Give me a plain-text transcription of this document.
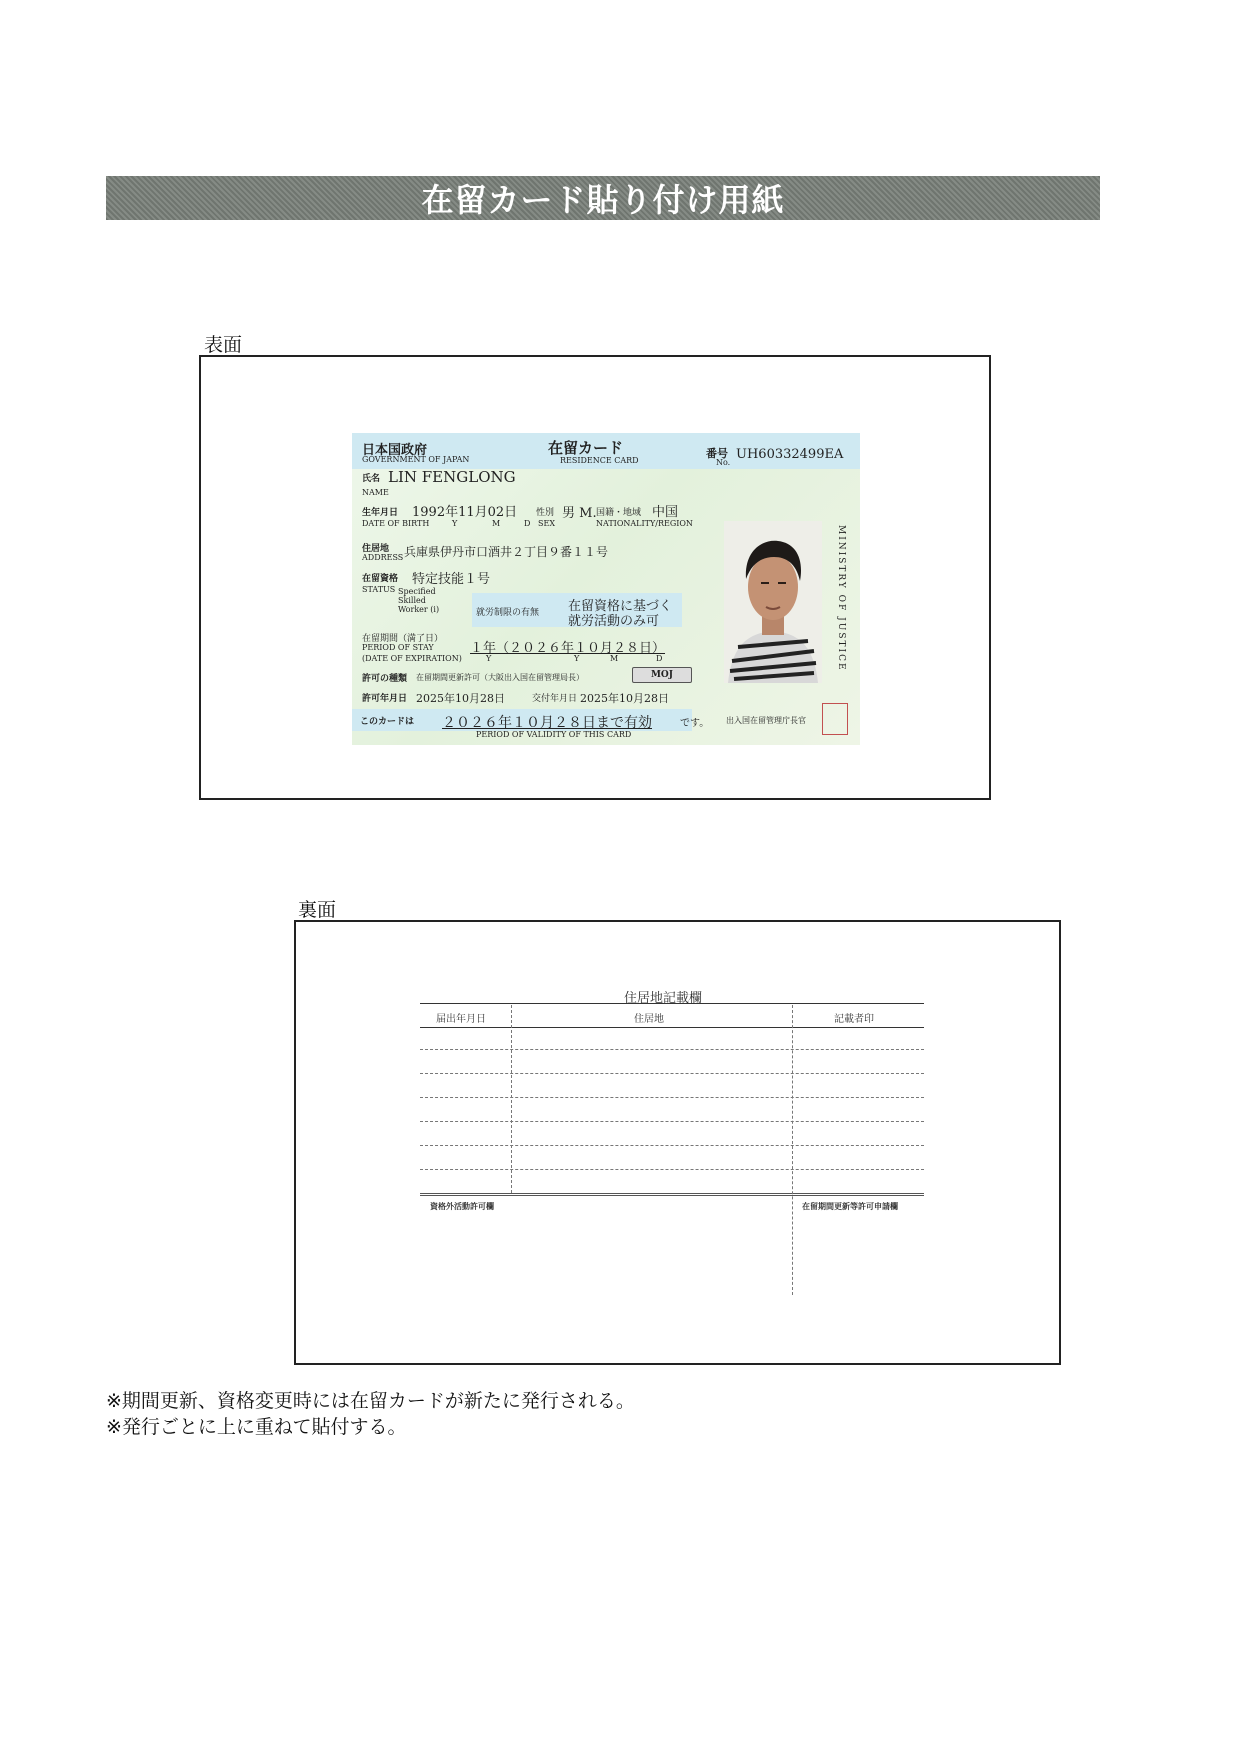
在留カード貼り付け用紙
表面
日本国政府
GOVERNMENT OF JAPAN
在留カード
RESIDENCE CARD
番号
No.
UH60332499EA
氏名
NAME
LIN FENGLONG
生年月日
DATE OF BIRTH
1992年11月02日
Y	M	D
性別
SEX
男 M. 国籍・地域
NATIONALITY/REGION
中国
住居地
ADDRESS 兵庫県伊丹市口酒井２丁目９番１１号
在留資格
STATUS
特定技能１号
Specified Skilled Worker (i)	就労制限の有無 在留資格に基づく
就労活動のみ可
在留期間（満了日）
PERIOD OF STAY
(DATE OF EXPIRATION)
１年（２０２６年１０月２８日）
Y	Y	M	D
許可の種類 在留期間更新許可（大阪出入国在留管理局長）	MOJ
許可年月日 2025年10月28日	交付年月日 2025年10月28日
このカードは ２０２６年１０月２８日まで有効	です。
PERIOD OF VALIDITY OF THIS CARD
出入国在留管理庁長官
MINISTRY OF JUSTICE
裏面
住居地記載欄
届出年月日	住居地	記載者印
資格外活動許可欄	在留期間更新等許可申請欄
※期間更新、資格変更時には在留カードが新たに発行される。
※発行ごとに上に重ねて貼付する。
